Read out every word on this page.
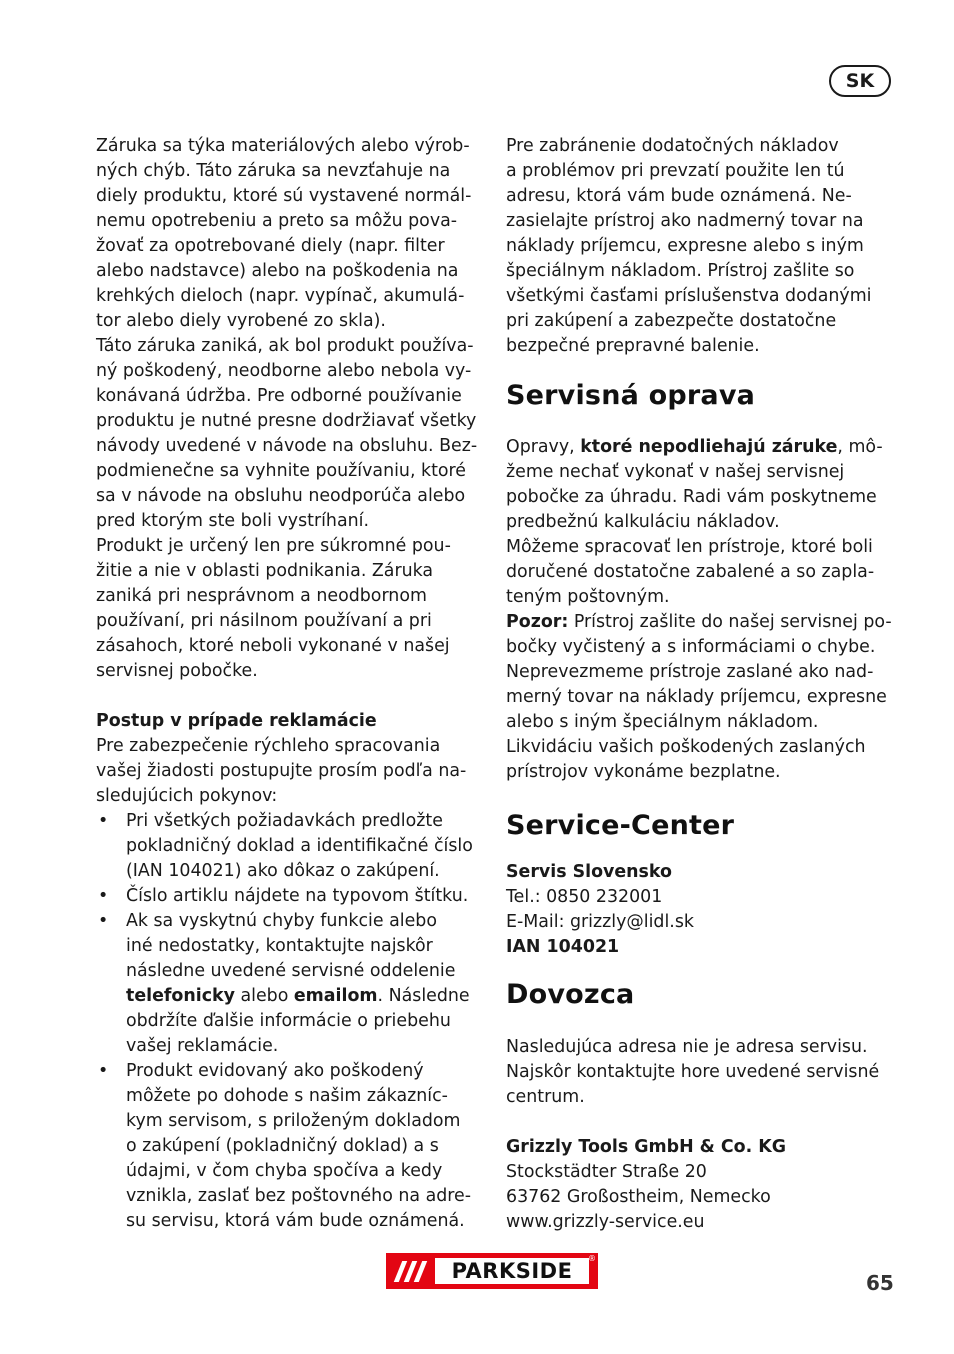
SK

Záruka sa týka materiálových alebo výrob-
ných chýb. Táto záruka sa nevzťahuje na
diely produktu, ktoré sú vystavené normál-
nemu opotrebeniu a preto sa môžu pova-
žovať za opotrebované diely (napr. filter
alebo nadstavce) alebo na poškodenia na
krehkých dieloch (napr. vypínač, akumulá-
tor alebo diely vyrobené zo skla).

Táto záruka zaniká, ak bol produkt používa-
ný poškodený, neodborne alebo nebola vy-
konávaná údržba. Pre odborné používanie
produktu je nutné presne dodržiavať všetky
návody uvedené v návode na obsluhu. Bez-
podmienečne sa vyhnite používaniu, ktoré
sa v návode na obsluhu neodporúča alebo
pred ktorým ste boli vystríhaní.

Produkt je určený len pre súkromné pou-
žitie a nie v oblasti podnikania. Záruka
zaniká pri nesprávnom a neodbornom
používaní, pri násilnom používaní a pri
zásahoch, ktoré neboli vykonané v našej
servisnej pobočke.

Postup v prípade reklamácie

Pre zabezpečenie rýchleho spracovania
vašej žiadosti postupujte prosím podľa na-
sledujúcich pokynov:

• Pri všetkých požiadavkách predložte
pokladničný doklad a identifikačné číslo
(IAN 104021) ako dôkaz o zakúpení.
• Číslo artiklu nájdete na typovom štítku.
• Ak sa vyskytnú chyby funkcie alebo
iné nedostatky, kontaktujte najskôr
následne uvedené servisné oddelenie
telefonicky alebo emailom. Následne
obdržíte ďalšie informácie o priebehu
vašej reklamácie.
• Produkt evidovaný ako poškodený
môžete po dohode s našim zákazníc-
kym servisom, s priloženým dokladom
o zakúpení (pokladničný doklad) a s
údajmi, v čom chyba spočíva a kedy
vznikla, zaslať bez poštovného na adre-
su servisu, ktorá vám bude oznámená.

Pre zabránenie dodatočných nákladov
a problémov pri prevzatí použite len tú
adresu, ktorá vám bude oznámená. Ne-
zasielajte prístroj ako nadmerný tovar na
náklady príjemcu, expresne alebo s iným
špeciálnym nákladom. Prístroj zašlite so
všetkými časťami príslušenstva dodanými
pri zakúpení a zabezpečte dostatočne
bezpečné prepravné balenie.

Servisná oprava

Opravy, ktoré nepodliehajú záruke, mô-
žeme nechať vykonať v našej servisnej
pobočke za úhradu. Radi vám poskytneme
predbežnú kalkuláciu nákladov.
Môžeme spracovať len prístroje, ktoré boli
doručené dostatočne zabalené a so zapla-
teným poštovným.

Pozor: Prístroj zašlite do našej servisnej po-
bočky vyčistený a s informáciami o chybe.
Neprevezmeme prístroje zaslané ako nad-
merný tovar na náklady príjemcu, expresne
alebo s iným špeciálnym nákladom.
Likvidáciu vašich poškodených zaslaných
prístrojov vykonáme bezplatne.

Service-Center

Servis Slovensko

Tel.: 0850 232001

E-Mail: grizzly@lidl.sk

IAN 104021

Dovozca

Nasledujúca adresa nie je adresa servisu.
Najskôr kontaktujte hore uvedené servisné
centrum.

Grizzly Tools GmbH & Co. KG

Stockstädter Straße 20

63762 Großostheim, Nemecko

www.grizzly-service.eu

PARKSIDE
®
65
